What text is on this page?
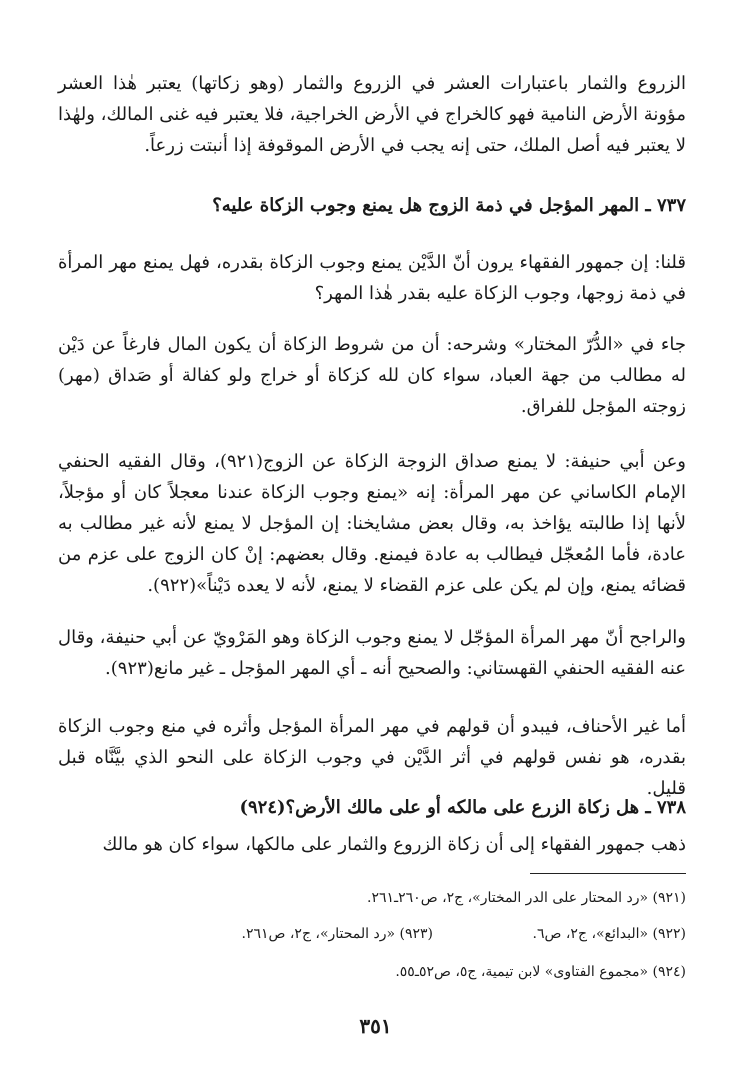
الزروع والثمار باعتبارات العشر في الزروع والثمار (وهو زكاتها) يعتبر هٰذا العشر مؤونة الأرض النامية فهو كالخراج في الأرض الخراجية، فلا يعتبر فيه غنى المالك، ولهٰذا لا يعتبر فيه أصل الملك، حتى إنه يجب في الأرض الموقوفة إذا أنبتت زرعاً.

٧٣٧ ـ المهر المؤجل في ذمة الزوج هل يمنع وجوب الزكاة عليه؟

قلنا: إن جمهور الفقهاء يرون أنّ الدَّيْن يمنع وجوب الزكاة بقدره، فهل يمنع مهر المرأة في ذمة زوجها، وجوب الزكاة عليه بقدر هٰذا المهر؟

جاء في «الدُّرّ المختار» وشرحه: أن من شروط الزكاة أن يكون المال فارغاً عن دَيْن له مطالب من جهة العباد، سواء كان لله كزكاة أو خراج ولو كفالة أو صَداق (مهر) زوجته المؤجل للفراق.

وعن أبي حنيفة: لا يمنع صداق الزوجة الزكاة عن الزوج(٩٢١)، وقال الفقيه الحنفي الإمام الكاساني عن مهر المرأة: إنه «يمنع وجوب الزكاة عندنا معجلاً كان أو مؤجلاً، لأنها إذا طالبته يؤاخذ به، وقال بعض مشايخنا: إن المؤجل لا يمنع لأنه غير مطالب به عادة، فأما المُعجّل فيطالب به عادة فيمنع. وقال بعضهم: إنْ كان الزوج على عزم من قضائه يمنع، وإن لم يكن على عزم القضاء لا يمنع، لأنه لا يعده دَيْناً»(٩٢٢).

والراجح أنّ مهر المرأة المؤجّل لا يمنع وجوب الزكاة وهو المَرْويّ عن أبي حنيفة، وقال عنه الفقيه الحنفي القهستاني: والصحيح أنه ـ أي المهر المؤجل ـ غير مانع(٩٢٣).

أما غير الأحناف، فيبدو أن قولهم في مهر المرأة المؤجل وأثره في منع وجوب الزكاة بقدره، هو نفس قولهم في أثر الدَّيْن في وجوب الزكاة على النحو الذي بيَّنَّاه قبل قليل.

٧٣٨ ـ هل زكاة الزرع على مالكه أو على مالك الأرض؟(٩٢٤)

ذهب جمهور الفقهاء إلى أن زكاة الزروع والثمار على مالكها، سواء كان هو مالك

(٩٢١) «رد المحتار على الدر المختار»، ج٢، ص٢٦٠ـ٢٦١.

(٩٢٢) «البدائع»، ج٢، ص٦.

(٩٢٣) «رد المحتار»، ج٢، ص٢٦١.

(٩٢٤) «مجموع الفتاوى» لابن تيمية، ج٥، ص٥٢ـ٥٥.

٣٥١
